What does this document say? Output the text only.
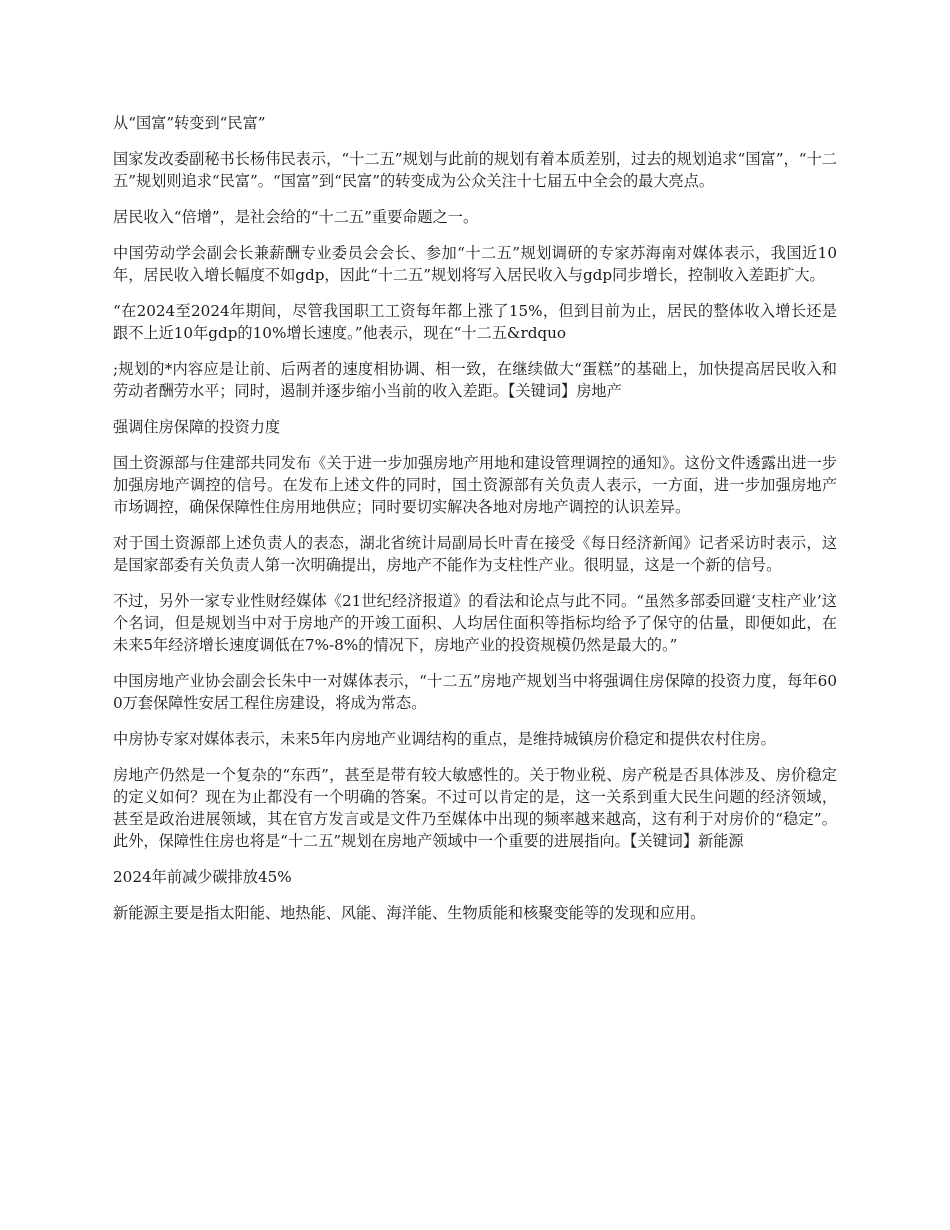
从“国富”转变到“民富”

国家发改委副秘书长杨伟民表示，“十二五”规划与此前的规划有着本质差别，过去的规划追求“国富”，“十二五”规划则追求“民富”。“国富”到“民富”的转变成为公众关注十七届五中全会的最大亮点。

居民收入“倍增”，是社会给的“十二五”重要命题之一。

中国劳动学会副会长兼薪酬专业委员会会长、参加“十二五”规划调研的专家苏海南对媒体表示，我国近10年，居民收入增长幅度不如gdp，因此“十二五”规划将写入居民收入与gdp同步增长，控制收入差距扩大。

“在2024至2024年期间，尽管我国职工工资每年都上涨了15%，但到目前为止，居民的整体收入增长还是跟不上近10年gdp的10%增长速度。”他表示，现在“十二五&rdquo

;规划的*内容应是让前、后两者的速度相协调、相一致，在继续做大“蛋糕”的基础上，加快提高居民收入和劳动者酬劳水平；同时，遏制并逐步缩小当前的收入差距。【关键词】房地产

强调住房保障的投资力度

国土资源部与住建部共同发布《关于进一步加强房地产用地和建设管理调控的通知》。这份文件透露出进一步加强房地产调控的信号。在发布上述文件的同时，国土资源部有关负责人表示，一方面，进一步加强房地产市场调控，确保保障性住房用地供应；同时要切实解决各地对房地产调控的认识差异。

对于国土资源部上述负责人的表态，湖北省统计局副局长叶青在接受《每日经济新闻》记者采访时表示，这是国家部委有关负责人第一次明确提出，房地产不能作为支柱性产业。很明显，这是一个新的信号。

不过，另外一家专业性财经媒体《21世纪经济报道》的看法和论点与此不同。“虽然多部委回避‘支柱产业’这个名词，但是规划当中对于房地产的开竣工面积、人均居住面积等指标均给予了保守的估量，即便如此，在未来5年经济增长速度调低在7%-8%的情况下，房地产业的投资规模仍然是最大的。”

中国房地产业协会副会长朱中一对媒体表示，“十二五”房地产规划当中将强调住房保障的投资力度，每年600万套保障性安居工程住房建设，将成为常态。

中房协专家对媒体表示，未来5年内房地产业调结构的重点，是维持城镇房价稳定和提供农村住房。

房地产仍然是一个复杂的“东西”，甚至是带有较大敏感性的。关于物业税、房产税是否具体涉及、房价稳定的定义如何？现在为止都没有一个明确的答案。不过可以肯定的是，这一关系到重大民生问题的经济领域，甚至是政治进展领域，其在官方发言或是文件乃至媒体中出现的频率越来越高，这有利于对房价的“稳定”。此外，保障性住房也将是“十二五”规划在房地产领域中一个重要的进展指向。【关键词】新能源

2024年前减少碳排放45%

新能源主要是指太阳能、地热能、风能、海洋能、生物质能和核聚变能等的发现和应用。
